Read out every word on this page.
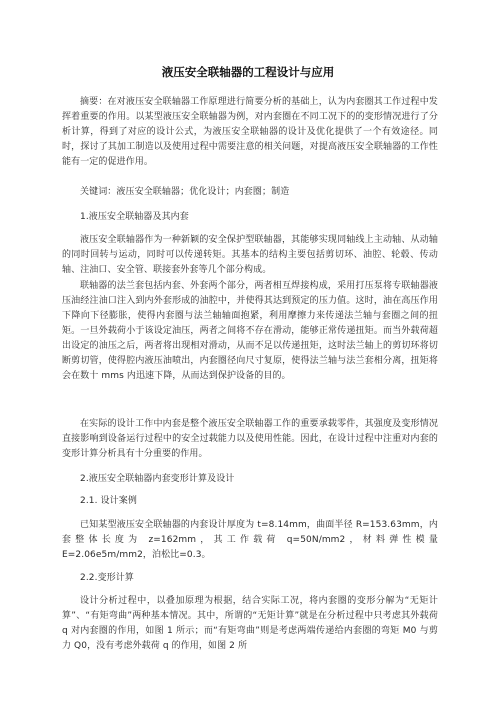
液压安全联轴器的工程设计与应用

摘要：在对液压安全联轴器工作原理进行简要分析的基础上，认为内套圈其工作过程中发挥着重要的作用。以某型液压安全联轴器为例，对内套圈在不同工况下的的变形情况进行了分析计算，得到了对应的设计公式，为液压安全联轴器的设计及优化提供了一个有效途径。同时，探讨了其加工制造以及使用过程中需要注意的相关问题，对提高液压安全联轴器的工作性能有一定的促进作用。

关键词：液压安全联轴器；优化设计；内套圈；制造

1.液压安全联轴器及其内套

液压安全联轴器作为一种新颖的安全保护型联轴器，其能够实现同轴线上主动轴、从动轴的同时回转与运动，同时可以传递转矩。其基本的结构主要包括剪切环、油腔、轮毂、传动轴、注油口、安全管、联接套外套等几个部分构成。

联轴器的法兰套包括内套、外套两个部分，两者相互焊接构成，采用打压泵将专联轴器液压油经注油口注入到内外套形成的油腔中，并使得其达到预定的压力值。这时，油在高压作用下降向下径膨胀，使得内套圈与法兰轴轴面抱紧，利用摩擦力来传递法兰轴与套圈之间的扭矩。一旦外载荷小于该设定油压，两者之间将不存在滑动，能够正常传递扭矩。而当外载荷超出设定的油压之后，两者将出现相对滑动，从而不足以传递扭矩，这时法兰轴上的剪切环将切断剪切管，使得腔内液压油喷出，内套圈径向尺寸复原，使得法兰轴与法兰套相分离，扭矩将会在数十 mms 内迅速下降，从而达到保护设备的目的。

在实际的设计工作中内套是整个液压安全联轴器工作的重要承载零件，其强度及变形情况直接影响到设备运行过程中的安全过载能力以及使用性能。因此，在设计过程中注重对内套的变形计算分析具有十分重要的作用。

2.液压安全联轴器内套变形计算及设计

2.1. 设计案例

已知某型液压安全联轴器的内套设计厚度为 t=8.14mm，曲面半径 R=153.63mm，内套整体长度为 z=162mm，其工作载荷 q=50N/mm2，材料弹性模量 E=2.06e5m/mm2，泊松比=0.3。

2.2.变形计算

设计分析过程中，以叠加原理为根据，结合实际工况，将内套圈的变形分解为“无矩计算”、“有矩弯曲”两种基本情况。其中，所谓的“无矩计算”就是在分析过程中只考虑其外载荷 q 对内套圈的作用，如图 1 所示；而“有矩弯曲”则是考虑两端传递给内套圈的弯矩 M0 与剪力 Q0，没有考虑外载荷 q 的作用，如图 2 所
